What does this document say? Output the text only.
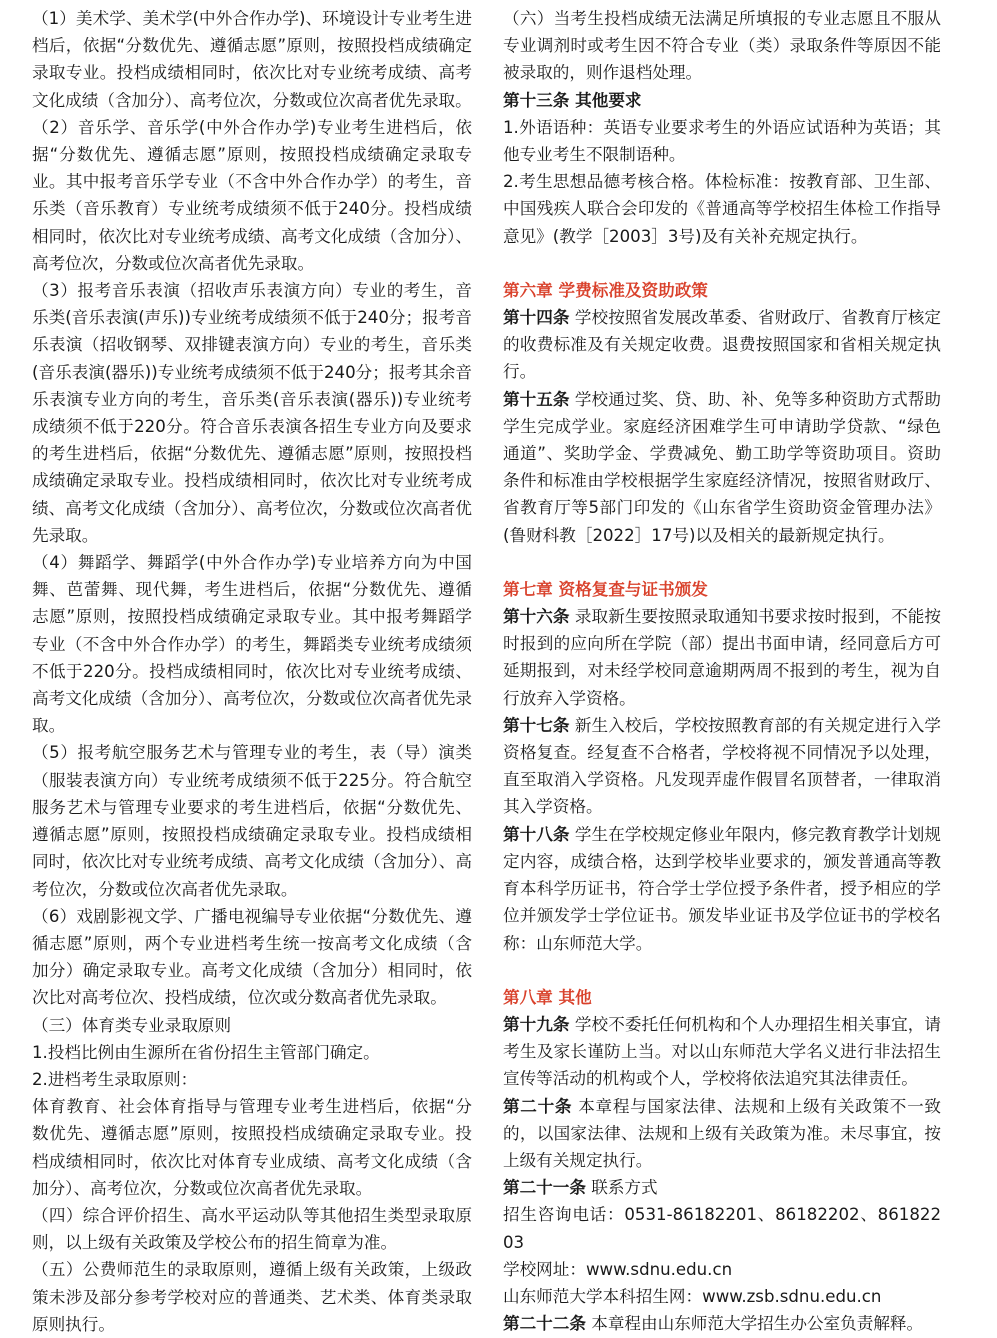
（1）美术学、美术学(中外合作办学)、环境设计专业考生进档后，依据“分数优先、遵循志愿”原则，按照投档成绩确定录取专业。投档成绩相同时，依次比对专业统考成绩、高考文化成绩（含加分）、高考位次，分数或位次高者优先录取。

（2）音乐学、音乐学(中外合作办学)专业考生进档后，依据“分数优先、遵循志愿”原则，按照投档成绩确定录取专业。其中报考音乐学专业（不含中外合作办学）的考生，音乐类（音乐教育）专业统考成绩须不低于240分。投档成绩相同时，依次比对专业统考成绩、高考文化成绩（含加分）、高考位次，分数或位次高者优先录取。

（3）报考音乐表演（招收声乐表演方向）专业的考生，音乐类(音乐表演(声乐))专业统考成绩须不低于240分；报考音乐表演（招收钢琴、双排键表演方向）专业的考生，音乐类(音乐表演(器乐))专业统考成绩须不低于240分；报考其余音乐表演专业方向的考生，音乐类(音乐表演(器乐))专业统考成绩须不低于220分。符合音乐表演各招生专业方向及要求的考生进档后，依据“分数优先、遵循志愿”原则，按照投档成绩确定录取专业。投档成绩相同时，依次比对专业统考成绩、高考文化成绩（含加分）、高考位次，分数或位次高者优先录取。

（4）舞蹈学、舞蹈学(中外合作办学)专业培养方向为中国舞、芭蕾舞、现代舞，考生进档后，依据“分数优先、遵循志愿”原则，按照投档成绩确定录取专业。其中报考舞蹈学专业（不含中外合作办学）的考生，舞蹈类专业统考成绩须不低于220分。投档成绩相同时，依次比对专业统考成绩、高考文化成绩（含加分）、高考位次，分数或位次高者优先录取。

（5）报考航空服务艺术与管理专业的考生，表（导）演类（服装表演方向）专业统考成绩须不低于225分。符合航空服务艺术与管理专业要求的考生进档后，依据“分数优先、遵循志愿”原则，按照投档成绩确定录取专业。投档成绩相同时，依次比对专业统考成绩、高考文化成绩（含加分）、高考位次，分数或位次高者优先录取。

（6）戏剧影视文学、广播电视编导专业依据“分数优先、遵循志愿”原则，两个专业进档考生统一按高考文化成绩（含加分）确定录取专业。高考文化成绩（含加分）相同时，依次比对高考位次、投档成绩，位次或分数高者优先录取。

（三）体育类专业录取原则

1.投档比例由生源所在省份招生主管部门确定。

2.进档考生录取原则：

体育教育、社会体育指导与管理专业考生进档后，依据“分数优先、遵循志愿”原则，按照投档成绩确定录取专业。投档成绩相同时，依次比对体育专业成绩、高考文化成绩（含加分）、高考位次，分数或位次高者优先录取。

（四）综合评价招生、高水平运动队等其他招生类型录取原则，以上级有关政策及学校公布的招生简章为准。

（五）公费师范生的录取原则，遵循上级有关政策，上级政策未涉及部分参考学校对应的普通类、艺术类、体育类录取原则执行。

（六）当考生投档成绩无法满足所填报的专业志愿且不服从专业调剂时或考生因不符合专业（类）录取条件等原因不能被录取的，则作退档处理。

第十三条 其他要求

1.外语语种：英语专业要求考生的外语应试语种为英语；其他专业考生不限制语种。

2.考生思想品德考核合格。体检标准：按教育部、卫生部、中国残疾人联合会印发的《普通高等学校招生体检工作指导意见》(教学［2003］3号)及有关补充规定执行。

第六章 学费标准及资助政策

第十四条 学校按照省发展改革委、省财政厅、省教育厅核定的收费标准及有关规定收费。退费按照国家和省相关规定执行。

第十五条 学校通过奖、贷、助、补、免等多种资助方式帮助学生完成学业。家庭经济困难学生可申请助学贷款、“绿色通道”、奖助学金、学费减免、勤工助学等资助项目。资助条件和标准由学校根据学生家庭经济情况，按照省财政厅、省教育厅等5部门印发的《山东省学生资助资金管理办法》(鲁财科教［2022］17号)以及相关的最新规定执行。

第七章 资格复查与证书颁发

第十六条 录取新生要按照录取通知书要求按时报到，不能按时报到的应向所在学院（部）提出书面申请，经同意后方可延期报到，对未经学校同意逾期两周不报到的考生，视为自行放弃入学资格。

第十七条 新生入校后，学校按照教育部的有关规定进行入学资格复查。经复查不合格者，学校将视不同情况予以处理，直至取消入学资格。凡发现弄虚作假冒名顶替者，一律取消其入学资格。

第十八条 学生在学校规定修业年限内，修完教育教学计划规定内容，成绩合格，达到学校毕业要求的，颁发普通高等教育本科学历证书，符合学士学位授予条件者，授予相应的学位并颁发学士学位证书。颁发毕业证书及学位证书的学校名称：山东师范大学。

第八章 其他

第十九条 学校不委托任何机构和个人办理招生相关事宜，请考生及家长谨防上当。对以山东师范大学名义进行非法招生宣传等活动的机构或个人，学校将依法追究其法律责任。

第二十条 本章程与国家法律、法规和上级有关政策不一致的，以国家法律、法规和上级有关政策为准。未尽事宜，按上级有关规定执行。

第二十一条 联系方式

招生咨询电话：0531-86182201、86182202、86182203

学校网址：www.sdnu.edu.cn

山东师范大学本科招生网：www.zsb.sdnu.edu.cn

第二十二条 本章程由山东师范大学招生办公室负责解释。
